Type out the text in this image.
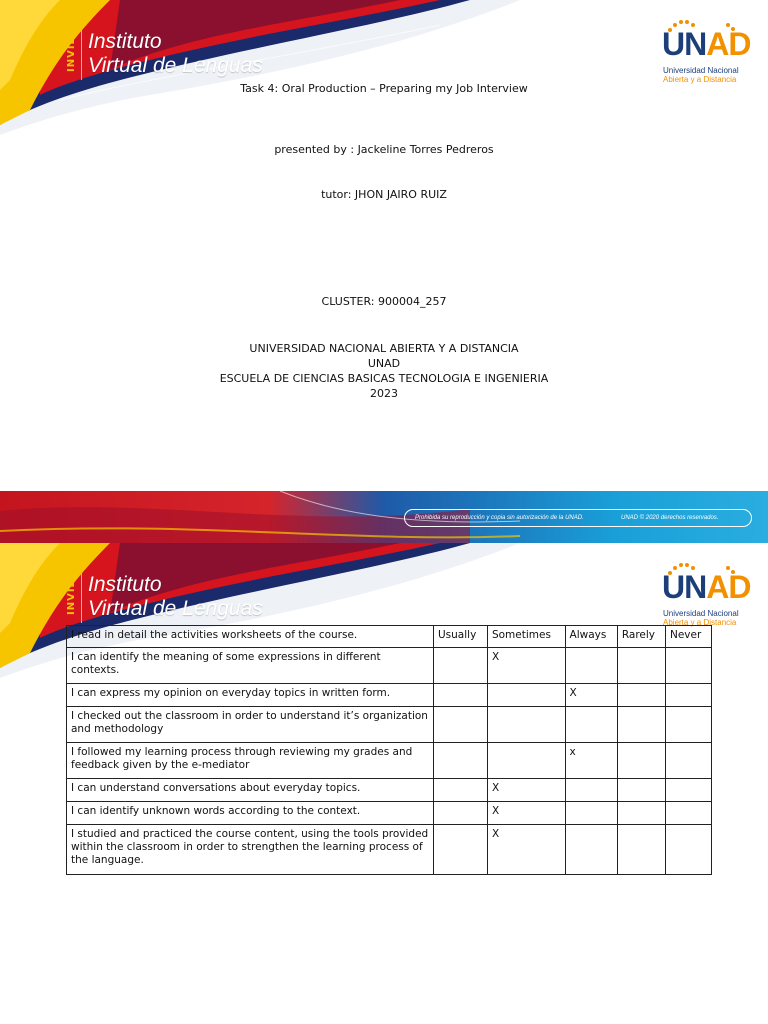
INVIL Instituto
Virtual de Lenguas
UNAD
Universidad Nacional
Abierta y a Distancia
Task 4: Oral Production – Preparing my Job Interview
presented by : Jackeline Torres Pedreros
tutor: JHON JAIRO RUIZ
CLUSTER: 900004_257
UNIVERSIDAD NACIONAL ABIERTA Y A DISTANCIA
UNAD
ESCUELA DE CIENCIAS BASICAS TECNOLOGIA E INGENIERIA
2023
Prohibida su reproducción y copia sin autorización de la UNAD.	UNAD © 2020 derechos reservados.
INVIL Instituto
Virtual de Lenguas
UNAD
Universidad Nacional
Abierta y a Distancia
I read in detail the activities worksheets of the course.	Usually	Sometimes	Always	Rarely	Never
I can identify the meaning of some expressions in different contexts.		X			
I can express my opinion on everyday topics in written form.			X		
I checked out the classroom in order to understand it’s organization and methodology					
I followed my learning process through reviewing my grades and feedback given by the e-mediator			x		
I can understand conversations about everyday topics.		X			
I can identify unknown words according to the context.		X			
I studied and practiced the course content, using the tools provided within the classroom in order to strengthen the learning process of the language.		X			
